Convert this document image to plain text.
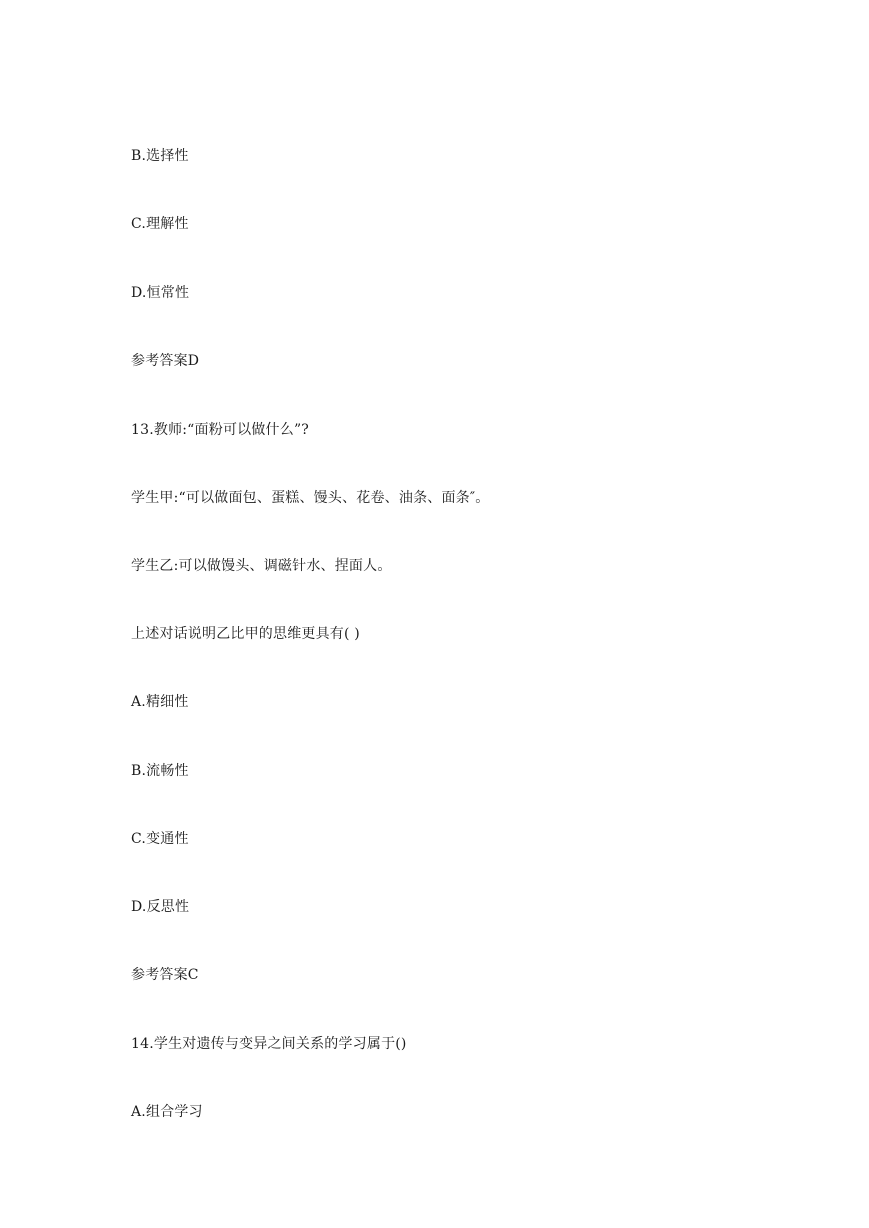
B.选择性
C.理解性
D.恒常性
参考答案D
13.教师:“面粉可以做什么”?
学生甲:“可以做面包、蛋糕、馒头、花卷、油条、面条″。
学生乙:可以做馒头、调磁针水、捏面人。
上述对话说明乙比甲的思维更具有( )
A.精细性
B.流畅性
C.变通性
D.反思性
参考答案C
14.学生对遗传与变异之间关系的学习属于()
A.组合学习
